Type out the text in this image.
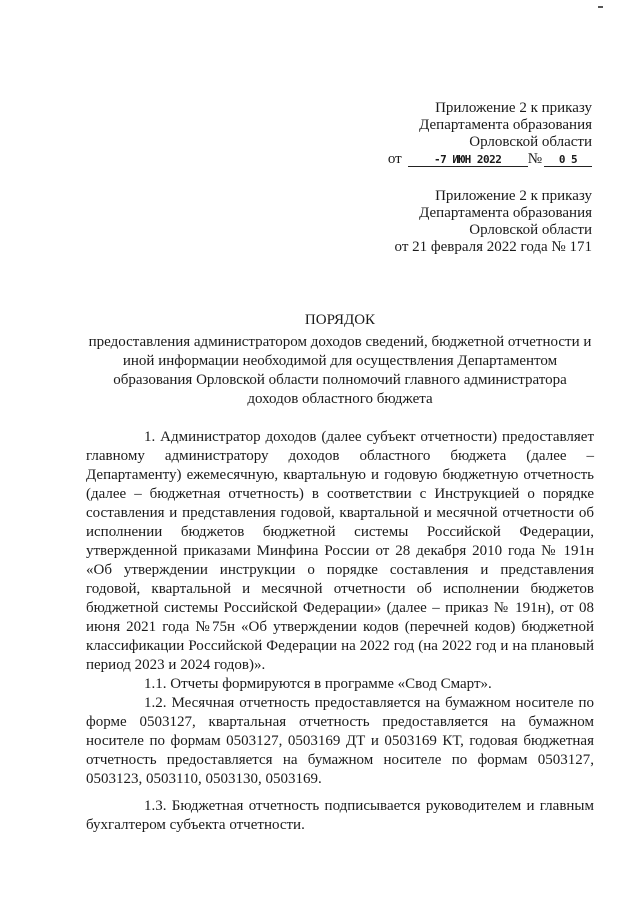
Приложение 2 к приказу
Департамента образования
Орловской области
от	-7 ИЮН 2022 № 0 5
Приложение 2 к приказу
Департамента образования
Орловской области
от 21 февраля 2022 года № 171
ПОРЯДОК
предоставления администратором доходов сведений, бюджетной отчетности и иной информации необходимой для осуществления Департаментом образования Орловской области полномочий главного администратора доходов областного бюджета

1. Администратор доходов (далее субъект отчетности) предоставляет главному администратору доходов областного бюджета (далее – Департаменту) ежемесячную, квартальную и годовую бюджетную отчетность (далее – бюджетная отчетность) в соответствии с Инструкцией о порядке составления и представления годовой, квартальной и месячной отчетности об исполнении бюджетов бюджетной системы Российской Федерации, утвержденной приказами Минфина России от 28 декабря 2010 года № 191н «Об утверждении инструкции о порядке составления и представления годовой, квартальной и месячной отчетности об исполнении бюджетов бюджетной системы Российской Федерации» (далее – приказ № 191н), от 08 июня 2021 года №75н «Об утверждении кодов (перечней кодов) бюджетной классификации Российской Федерации на 2022 год (на 2022 год и на плановый период 2023 и 2024 годов)».

1.1. Отчеты формируются в программе «Свод Смарт».

1.2. Месячная отчетность предоставляется на бумажном носителе по форме 0503127, квартальная отчетность предоставляется на бумажном носителе по формам 0503127, 0503169 ДТ и 0503169 КТ, годовая бюджетная отчетность предоставляется на бумажном носителе по формам 0503127, 0503123, 0503110, 0503130, 0503169.

1.3. Бюджетная отчетность подписывается руководителем и главным бухгалтером субъекта отчетности.
